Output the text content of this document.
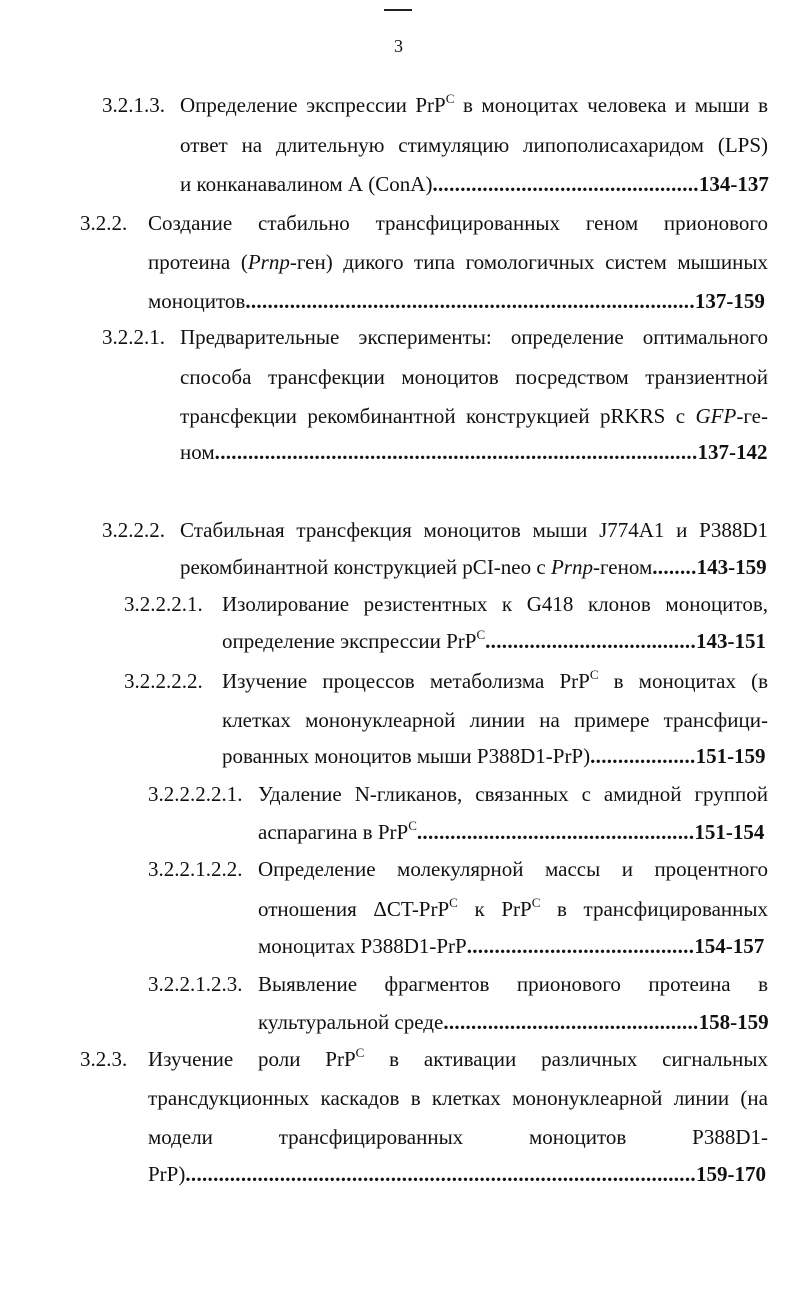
3
3.2.1.3. Определение экспрессии PrP$^C$ в моноцитах человека и мыши в
ответ на длительную стимуляцию липополисахаридом (LPS)
и конканавалином А (ConA)................................................134-137
3.2.2. Создание стабильно трансфицированных геном прионового
протеина (Prnp-ген) дикого типа гомологичных систем мышиных
моноцитов.................................................................................137-159
3.2.2.1. Предварительные эксперименты: определение оптимального
способа трансфекции моноцитов посредством транзиентной
трансфекции рекомбинантной конструкцией pRKRS с GFP-ге-
ном.......................................................................................137-142
3.2.2.2. Стабильная трансфекция моноцитов мыши J774A1 и P388D1
рекомбинантной конструкцией pCI-neo с Prnp-геном........143-159
3.2.2.2.1. Изолирование резистентных к G418 клонов моноцитов,
определение экспрессии PrP$^C$......................................143-151
3.2.2.2.2. Изучение процессов метаболизма PrP$^C$ в моноцитах (в
клетках мононуклеарной линии на примере трансфици-
рованных моноцитов мыши P388D1-PrP)...................151-159
3.2.2.2.2.1. Удаление N-гликанов, связанных с амидной группой
аспарагина в PrP$^C$..................................................151-154
3.2.2.1.2.2. Определение молекулярной массы и процентного
отношения ΔCT-PrP$^C$ к PrP$^C$ в трансфицированных
моноцитах P388D1-PrP.........................................154-157
3.2.2.1.2.3. Выявление фрагментов прионового протеина в
культуральной среде..............................................158-159
3.2.3. Изучение роли PrP$^C$ в активации различных сигнальных
трансдукционных каскадов в клетках мононуклеарной линии (на
модели трансфицированных моноцитов P388D1-
PrP)............................................................................................159-170
